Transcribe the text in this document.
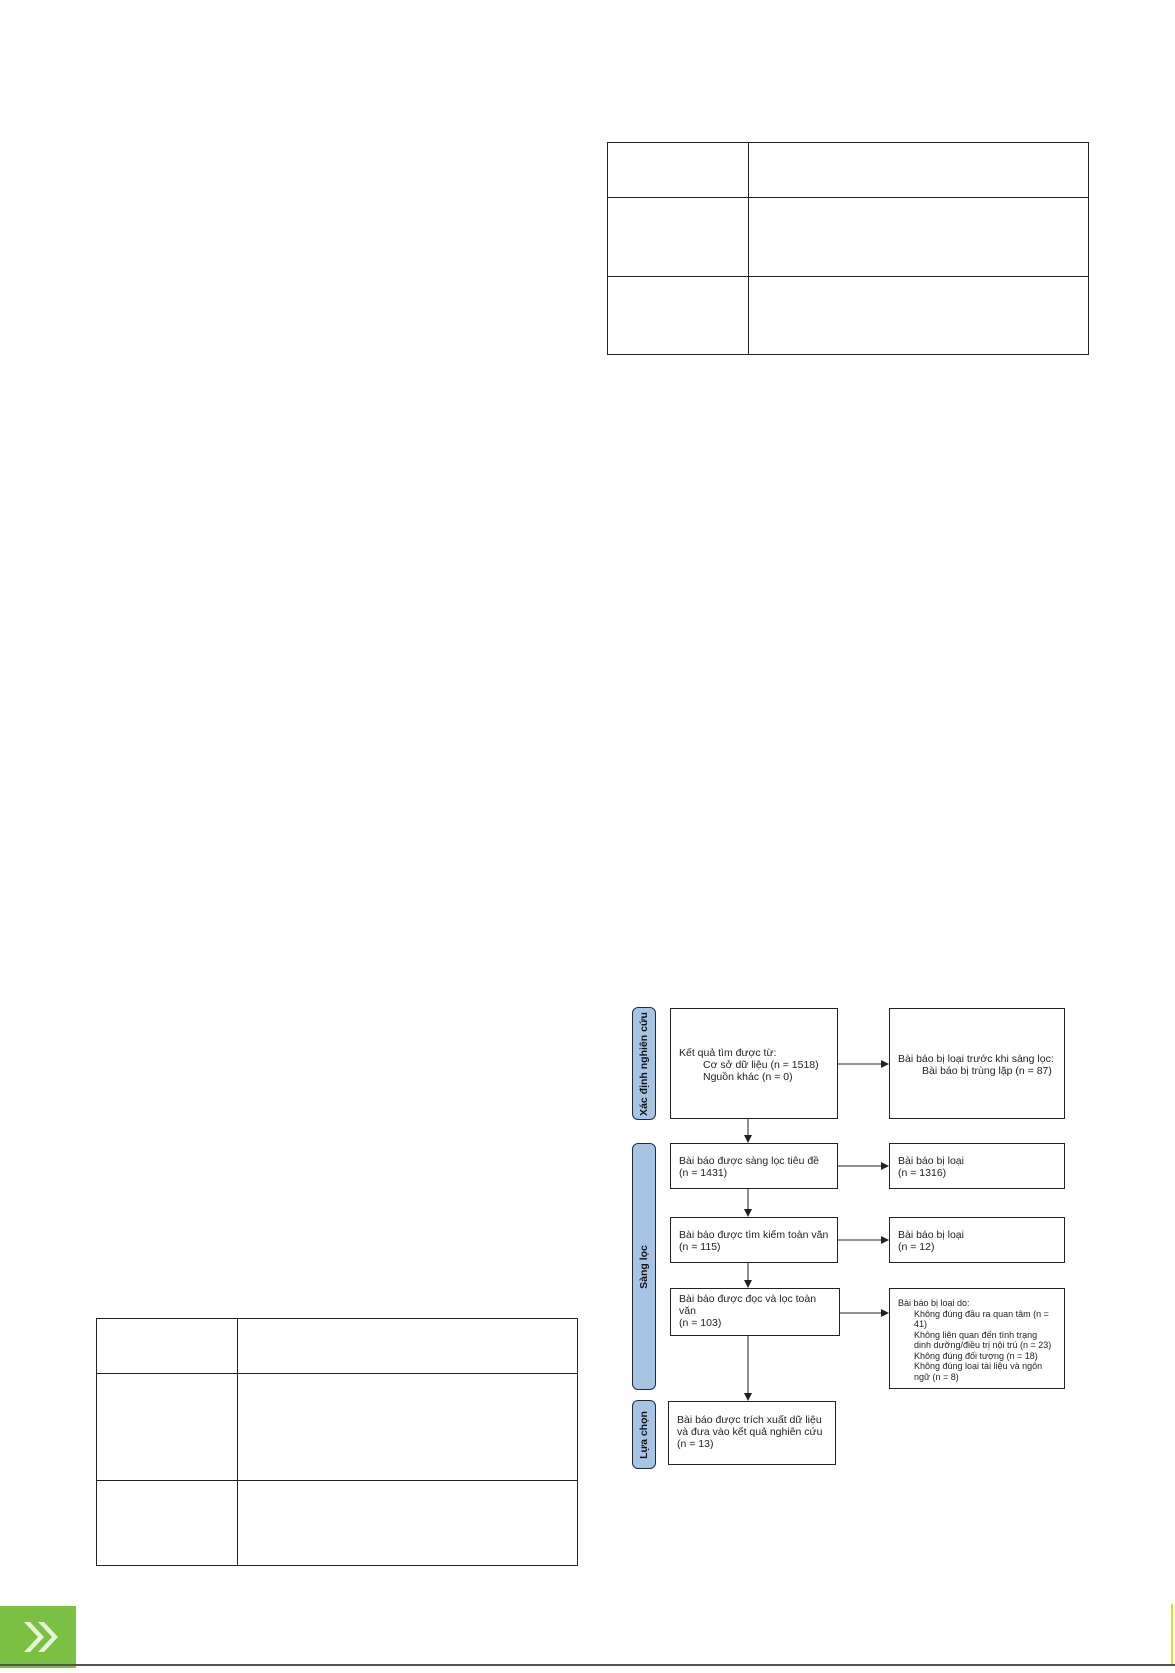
Xác định nghiên cứu
Sàng lọc
Lựa chọn
Kết quả tìm được từ:
Cơ sở dữ liệu (n = 1518)
Nguồn khác (n = 0)
Bài báo bị loại trước khi sàng lọc:
Bài báo bị trùng lặp (n = 87)
Bài báo được sàng lọc tiêu đề
(n = 1431)
Bài báo bị loại
(n = 1316)
Bài báo được tìm kiếm toàn văn
(n = 115)
Bài báo bị loại
(n = 12)
Bài báo được đọc và lọc toàn
văn
(n = 103)
Bài báo bị loại do:
Không đúng đầu ra quan tâm (n =
41)
Không liên quan đến tình trạng
dinh dưỡng/điều trị nội trú (n = 23)
Không đúng đối tượng (n = 18)
Không đúng loại tài liệu và ngôn
ngữ (n = 8)
Bài báo được trích xuất dữ liệu
và đưa vào kết quả nghiên cứu
(n = 13)
